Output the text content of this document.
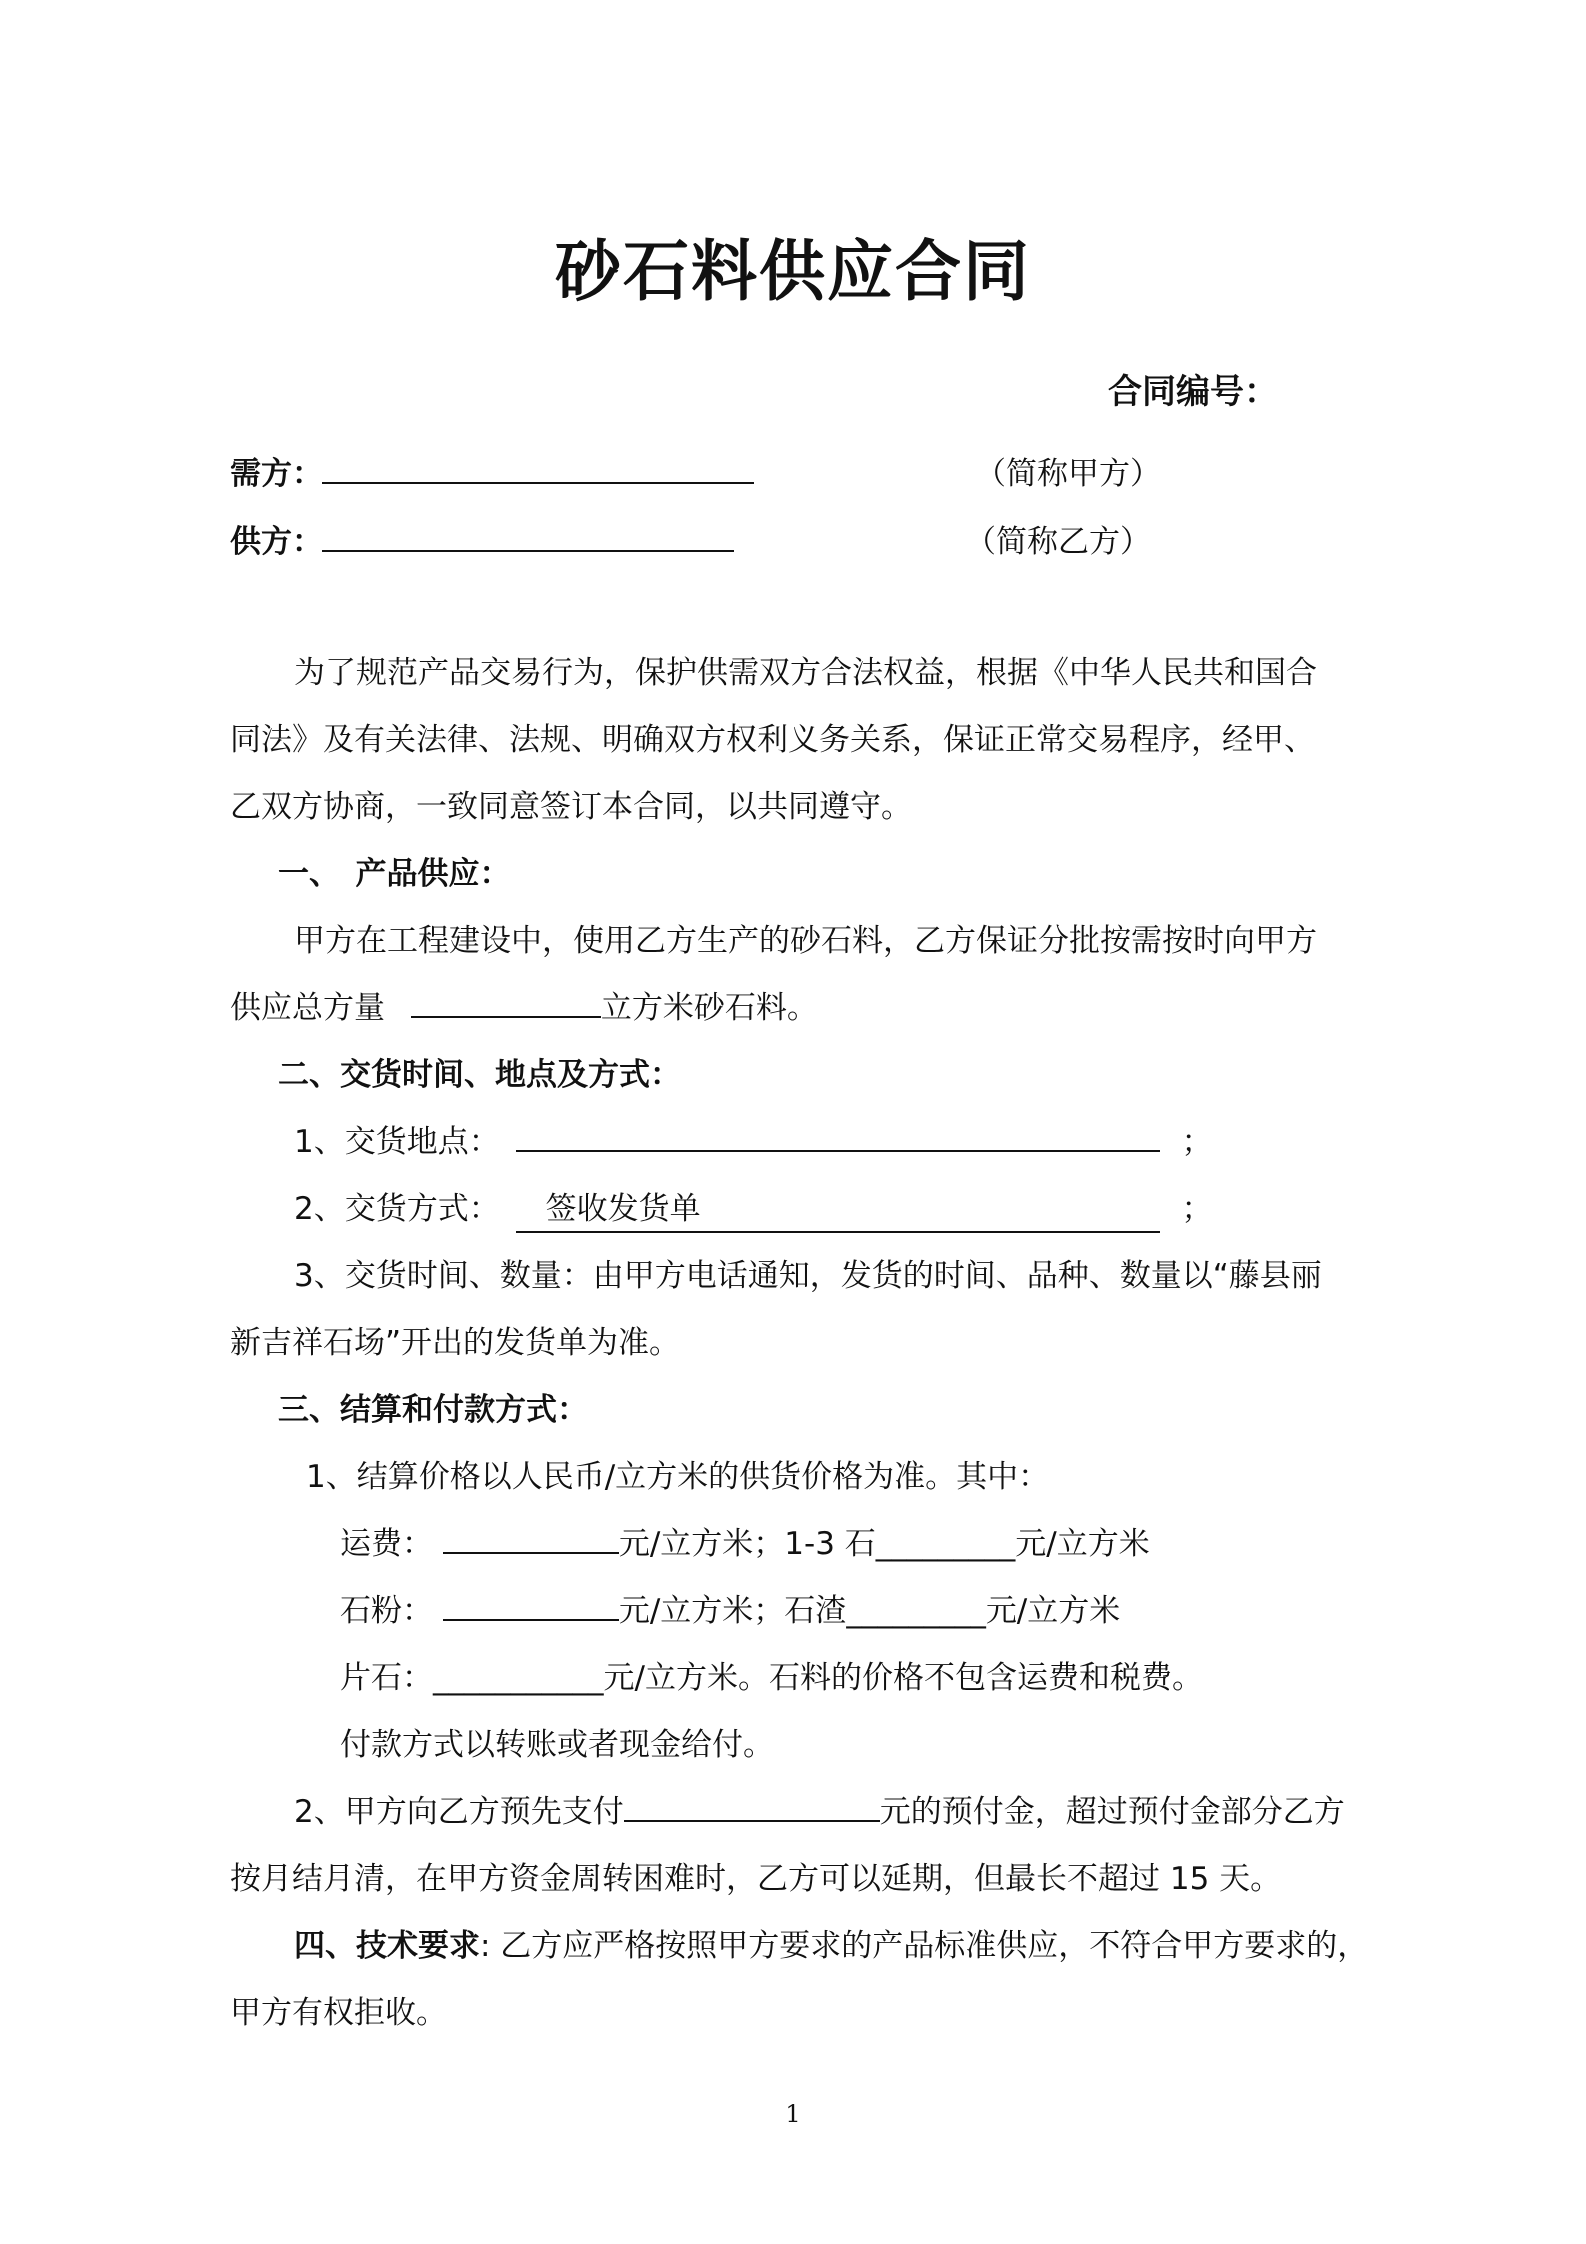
砂石料供应合同
合同编号：
需方：	（简称甲方）
供方：	（简称乙方）
为了规范产品交易行为，保护供需双方合法权益，根据《中华人民共和国合
同法》及有关法律、法规、明确双方权利义务关系，保证正常交易程序，经甲、
乙双方协商，一致同意签订本合同，以共同遵守。
一、　产品供应：
甲方在工程建设中，使用乙方生产的砂石料，乙方保证分批按需按时向甲方
供应总方量	立方米砂石料。
二、交货时间、地点及方式：
1、交货地点：	；
2、交货方式： 签收发货单	；
3、交货时间、数量：由甲方电话通知，发货的时间、品种、数量以“藤县丽
新吉祥石场”开出的发货单为准。
三、结算和付款方式：
1、结算价格以人民币/立方米的供货价格为准。其中：
运费：	元/立方米；1-3 石_________元/立方米
石粉：	元/立方米；石渣_________元/立方米
片石：___________元/立方米。石料的价格不包含运费和税费。
付款方式以转账或者现金给付。
2、甲方向乙方预先支付	元的预付金，超过预付金部分乙方
按月结月清，在甲方资金周转困难时，乙方可以延期，但最长不超过 15 天。
四、技术要求: 乙方应严格按照甲方要求的产品标准供应，不符合甲方要求的，
甲方有权拒收。
1
